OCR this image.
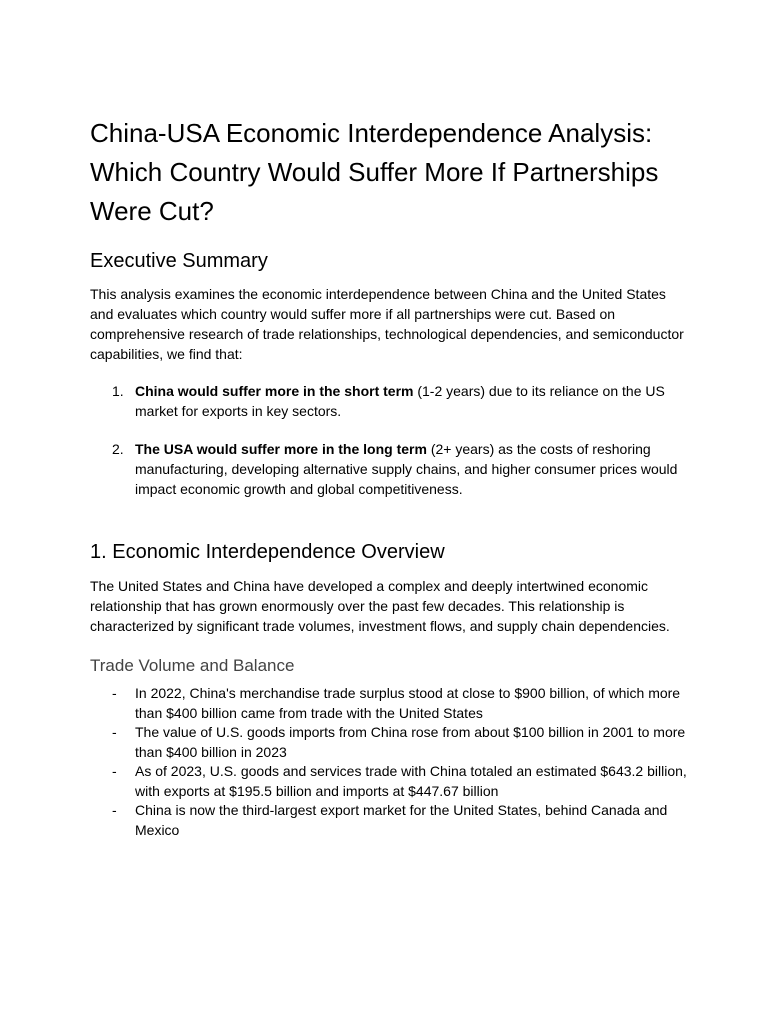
China-USA Economic Interdependence Analysis: Which Country Would Suffer More If Partnerships Were Cut?
Executive Summary

This analysis examines the economic interdependence between China and the United States and evaluates which country would suffer more if all partnerships were cut. Based on comprehensive research of trade relationships, technological dependencies, and semiconductor capabilities, we find that:

1. China would suffer more in the short term (1-2 years) due to its reliance on the US market for exports in key sectors.
2. The USA would suffer more in the long term (2+ years) as the costs of reshoring manufacturing, developing alternative supply chains, and higher consumer prices would impact economic growth and global competitiveness.
1. Economic Interdependence Overview

The United States and China have developed a complex and deeply intertwined economic relationship that has grown enormously over the past few decades. This relationship is characterized by significant trade volumes, investment flows, and supply chain dependencies.

Trade Volume and Balance
- In 2022, China's merchandise trade surplus stood at close to $900 billion, of which more than $400 billion came from trade with the United States
- The value of U.S. goods imports from China rose from about $100 billion in 2001 to more than $400 billion in 2023
- As of 2023, U.S. goods and services trade with China totaled an estimated $643.2 billion, with exports at $195.5 billion and imports at $447.67 billion
- China is now the third-largest export market for the United States, behind Canada and Mexico
